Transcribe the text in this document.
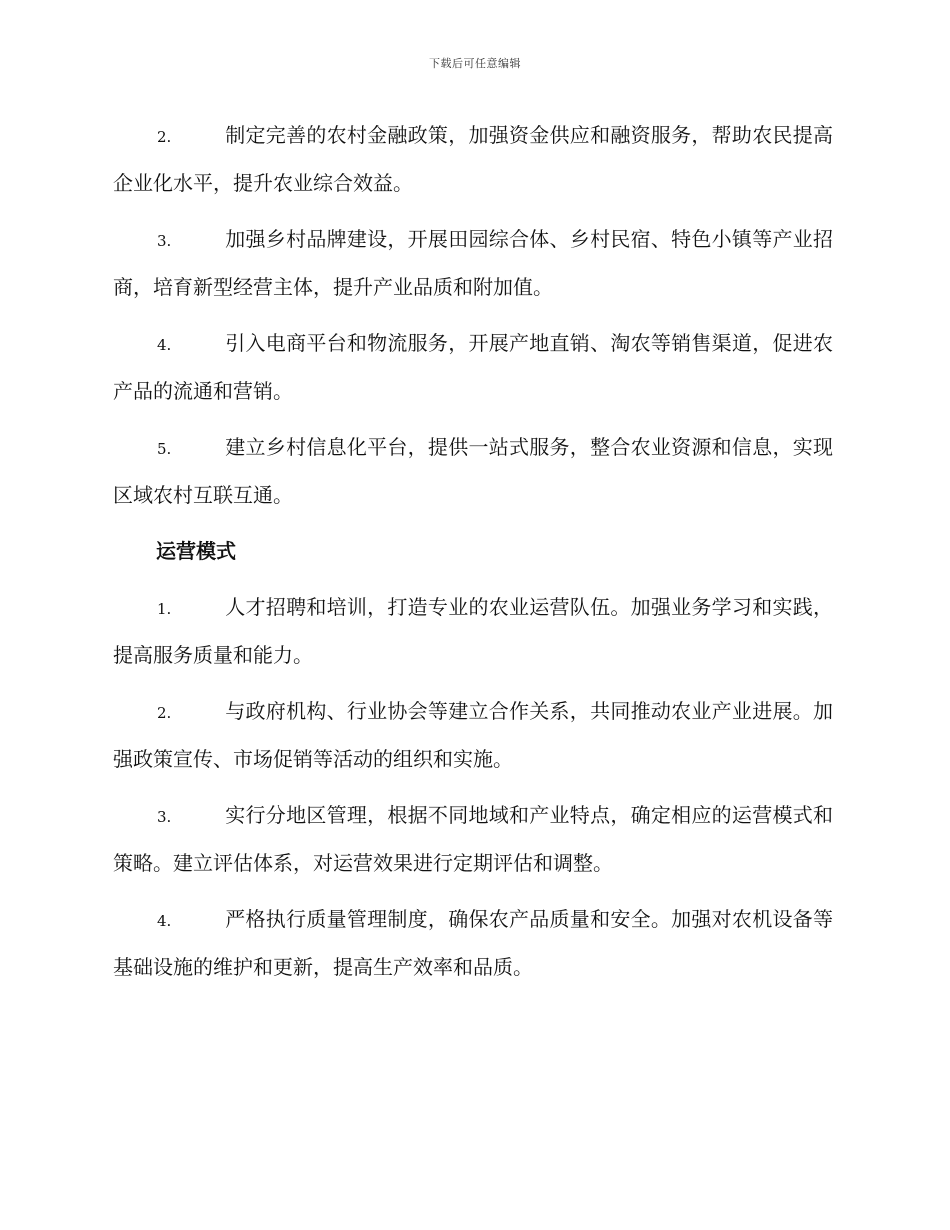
下载后可任意编辑

2.	制定完善的农村金融政策，加强资金供应和融资服务，帮助农民提高企业化水平，提升农业综合效益。

3.	加强乡村品牌建设，开展田园综合体、乡村民宿、特色小镇等产业招商，培育新型经营主体，提升产业品质和附加值。

4.	引入电商平台和物流服务，开展产地直销、淘农等销售渠道，促进农产品的流通和营销。

5.	建立乡村信息化平台，提供一站式服务，整合农业资源和信息，实现区域农村互联互通。

运营模式

1.	人才招聘和培训，打造专业的农业运营队伍。加强业务学习和实践，提高服务质量和能力。

2.	与政府机构、行业协会等建立合作关系，共同推动农业产业进展。加强政策宣传、市场促销等活动的组织和实施。

3.	实行分地区管理，根据不同地域和产业特点，确定相应的运营模式和策略。建立评估体系，对运营效果进行定期评估和调整。

4.	严格执行质量管理制度，确保农产品质量和安全。加强对农机设备等基础设施的维护和更新，提高生产效率和品质。
